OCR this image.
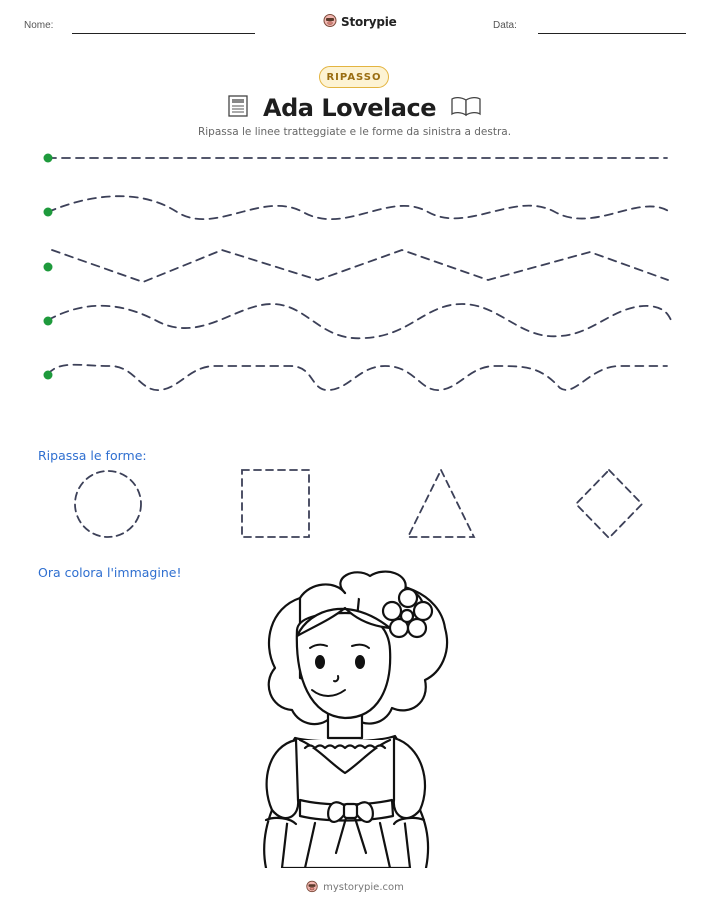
Nome:	Storypie	Data:
RIPASSO
Ada Lovelace
Ripassa le linee tratteggiate e le forme da sinistra a destra.
Ripassa le forme:
Ora colora l'immagine!
mystorypie.com
